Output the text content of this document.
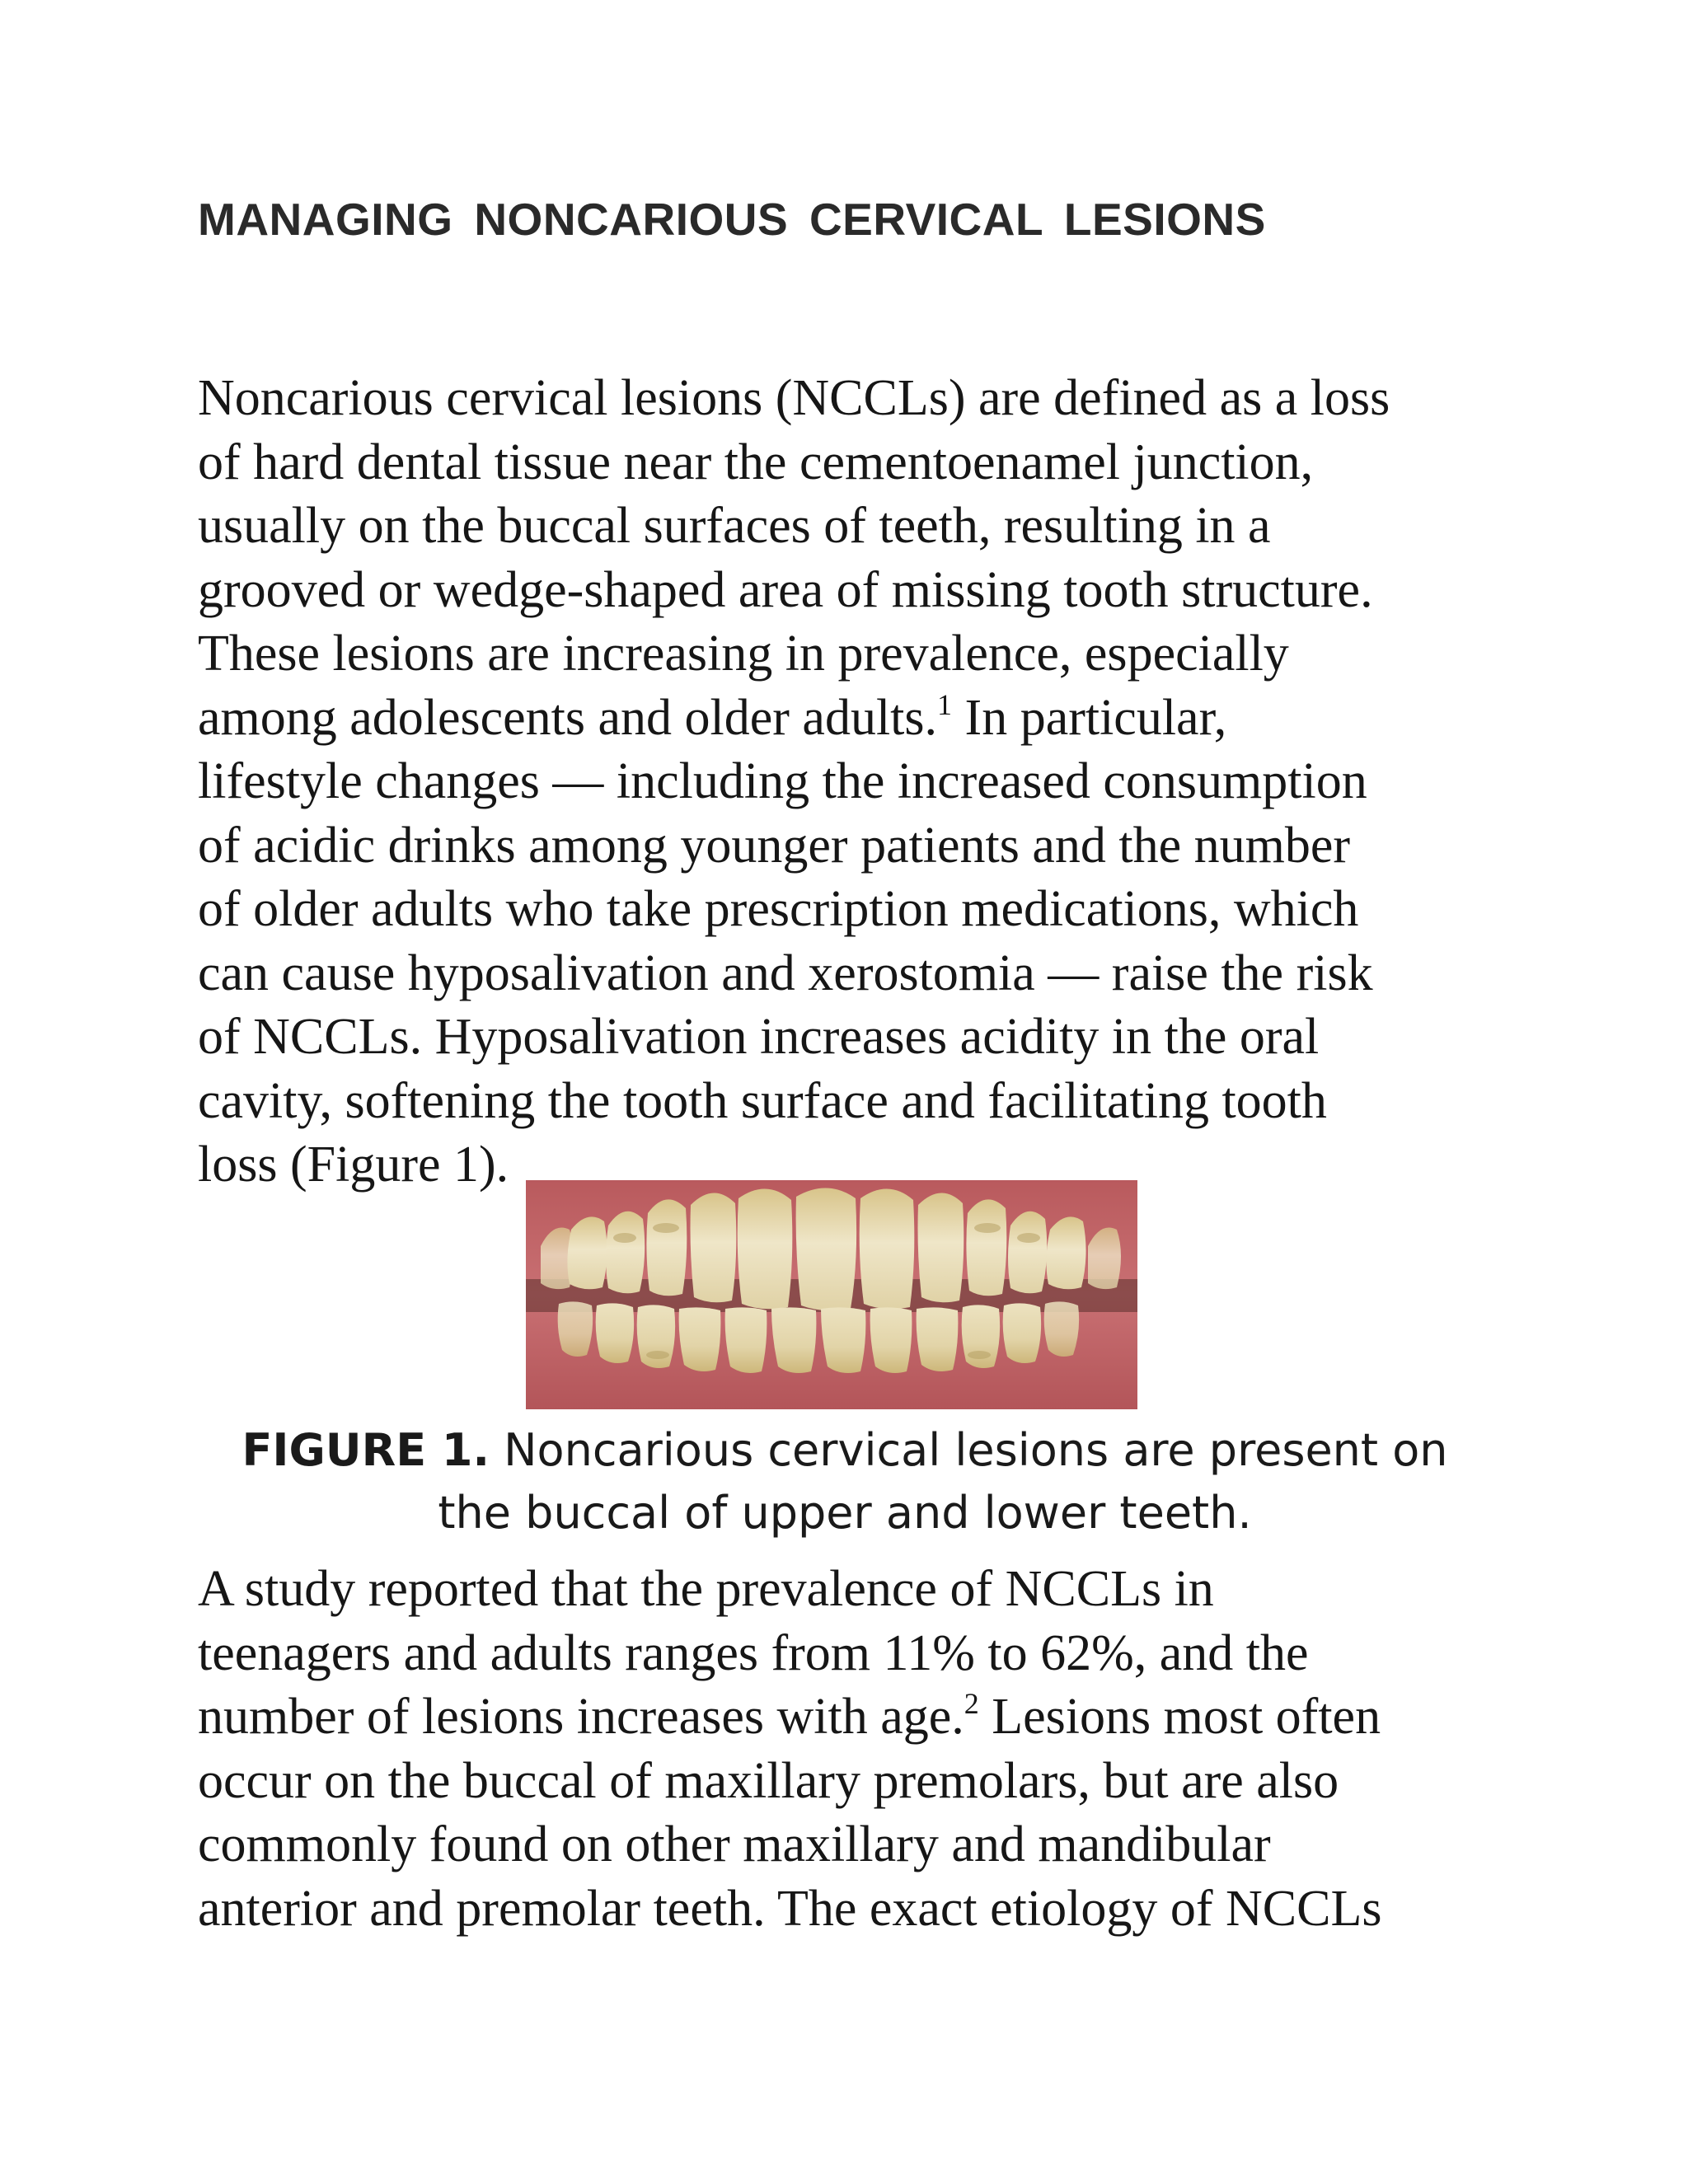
MANAGING NONCARIOUS CERVICAL LESIONS
Noncarious cervical lesions (NCCLs) are defined as a loss
of hard dental tissue near the cementoenamel junction,
usually on the buccal surfaces of teeth, resulting in a
grooved or wedge-shaped area of missing tooth structure.
These lesions are increasing in prevalence, especially
among adolescents and older adults.$^1$ In particular,
lifestyle changes — including the increased consumption
of acidic drinks among younger patients and the number
of older adults who take prescription medications, which
can cause hyposalivation and xerostomia — raise the risk
of NCCLs. Hyposalivation increases acidity in the oral
cavity, softening the tooth surface and facilitating tooth
loss (Figure 1).
FIGURE 1. Noncarious cervical lesions are present on
the buccal of upper and lower teeth.
A study reported that the prevalence of NCCLs in
teenagers and adults ranges from 11% to 62%, and the
number of lesions increases with age.$^2$ Lesions most often
occur on the buccal of maxillary premolars, but are also
commonly found on other maxillary and mandibular
anterior and premolar teeth. The exact etiology of NCCLs
